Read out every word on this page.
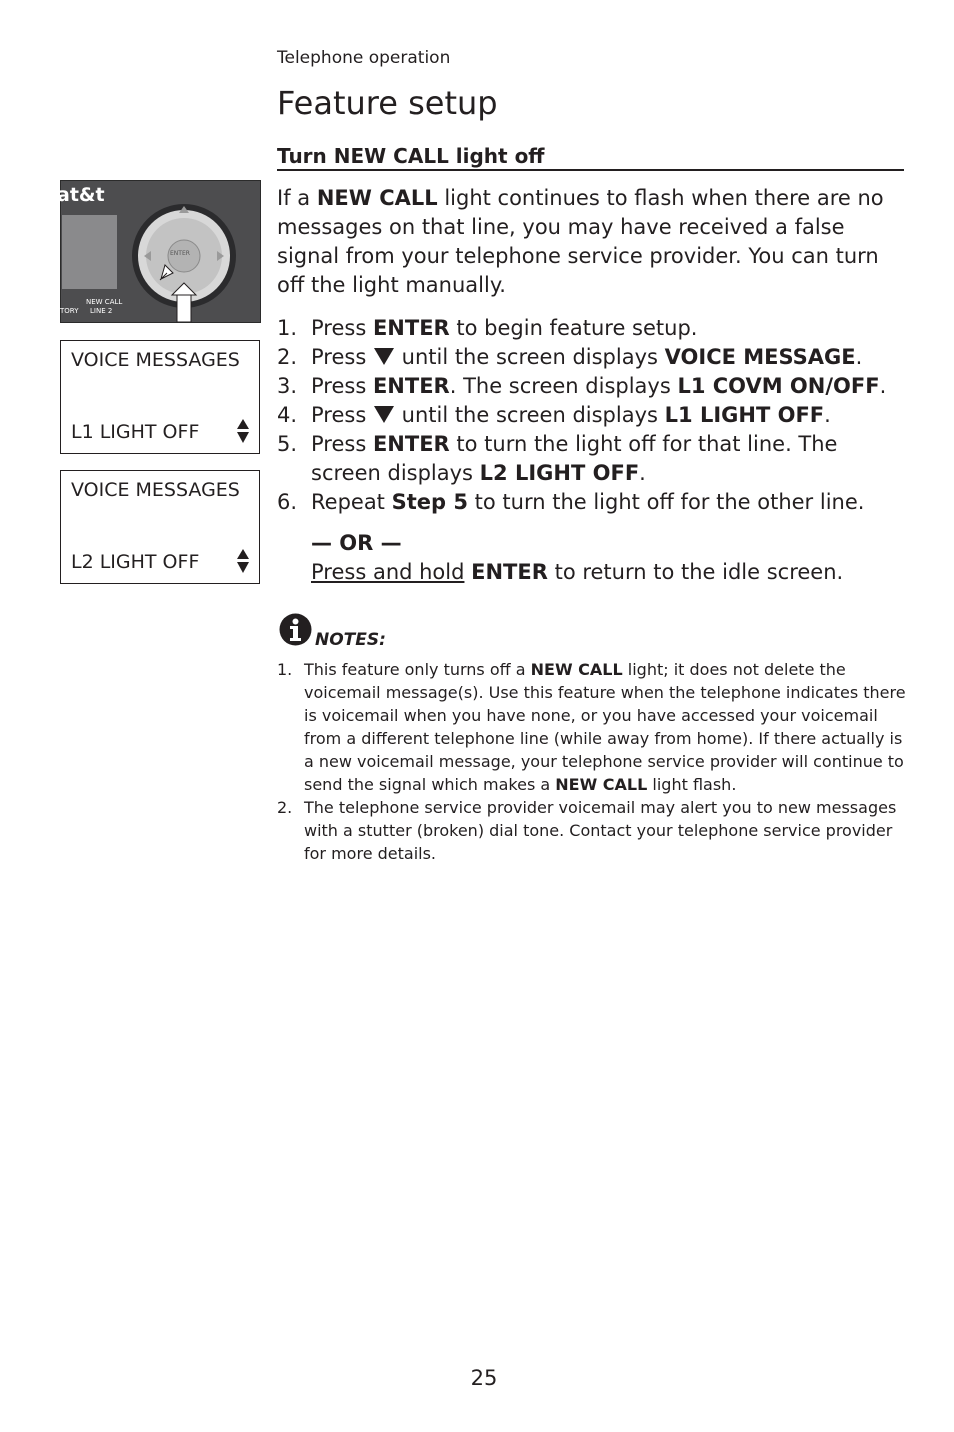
Telephone operation
Feature setup
Turn NEW CALL light off
at&t
ENTER
TORY
NEW CALL
LINE 2
VOICE MESSAGES
L1 LIGHT OFF
VOICE MESSAGES
L2 LIGHT OFF

If a NEW CALL light continues to flash when there are no messages on that line, you may have received a false signal from your telephone service provider. You can turn off the light manually.

1. Press ENTER to begin feature setup.
2. Press  until the screen displays VOICE MESSAGE.
3. Press ENTER. The screen displays L1 COVM ON/OFF.
4. Press  until the screen displays L1 LIGHT OFF.
5. Press ENTER to turn the light off for that line. The screen displays L2 LIGHT OFF.
6. Repeat Step 5 to turn the light off for the other line.
— OR —
Press and hold ENTER to return to the idle screen.
NOTES:
1. This feature only turns off a NEW CALL light; it does not delete the voicemail message(s). Use this feature when the telephone indicates there is voicemail when you have none, or you have accessed your voicemail from a different telephone line (while away from home). If there actually is a new voicemail message, your telephone service provider will continue to send the signal which makes a NEW CALL light flash.
2. The telephone service provider voicemail may alert you to new messages with a stutter (broken) dial tone. Contact your telephone service provider for more details.
25
